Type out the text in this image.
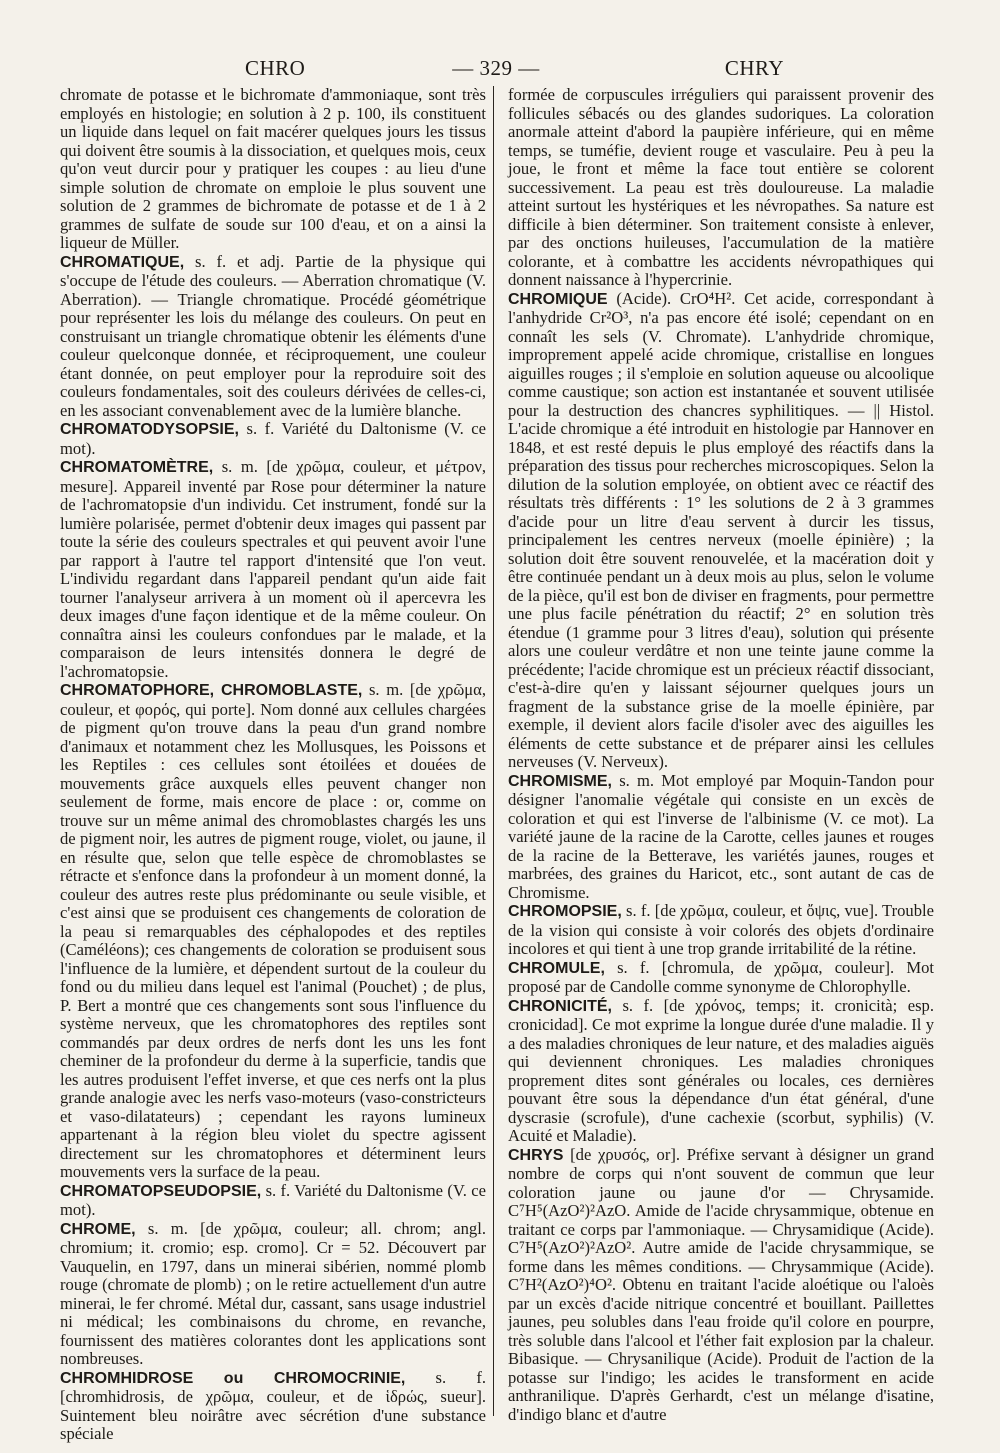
CHRO	— 329 —	CHRY

chromate de potasse et le bichromate d'ammoniaque, sont très employés en histologie; en solution à 2 p. 100, ils constituent un liquide dans lequel on fait macérer quelques jours les tissus qui doivent être soumis à la dissociation, et quelques mois, ceux qu'on veut durcir pour y pratiquer les coupes : au lieu d'une simple solution de chromate on emploie le plus souvent une solution de 2 grammes de bichromate de potasse et de 1 à 2 grammes de sulfate de soude sur 100 d'eau, et on a ainsi la liqueur de Müller.

CHROMATIQUE, s. f. et adj. Partie de la physique qui s'occupe de l'étude des couleurs. — Aberration chromatique (V. Aberration). — Triangle chromatique. Procédé géométrique pour représenter les lois du mélange des couleurs. On peut en construisant un triangle chromatique obtenir les éléments d'une couleur quelconque donnée, et réciproquement, une couleur étant donnée, on peut employer pour la reproduire soit des couleurs fondamentales, soit des couleurs dérivées de celles-ci, en les associant convenablement avec de la lumière blanche.

CHROMATODYSOPSIE, s. f. Variété du Daltonisme (V. ce mot).

CHROMATOMÈTRE, s. m. [de χρῶμα, couleur, et μέτρον, mesure]. Appareil inventé par Rose pour déterminer la nature de l'achromatopsie d'un individu. Cet instrument, fondé sur la lumière polarisée, permet d'obtenir deux images qui passent par toute la série des couleurs spectrales et qui peuvent avoir l'une par rapport à l'autre tel rapport d'intensité que l'on veut. L'individu regardant dans l'appareil pendant qu'un aide fait tourner l'analyseur arrivera à un moment où il apercevra les deux images d'une façon identique et de la même couleur. On connaîtra ainsi les couleurs confondues par le malade, et la comparaison de leurs intensités donnera le degré de l'achromatopsie.

CHROMATOPHORE, CHROMOBLASTE, s. m. [de χρῶμα, couleur, et φορός, qui porte]. Nom donné aux cellules chargées de pigment qu'on trouve dans la peau d'un grand nombre d'animaux et notamment chez les Mollusques, les Poissons et les Reptiles : ces cellules sont étoilées et douées de mouvements grâce auxquels elles peuvent changer non seulement de forme, mais encore de place : or, comme on trouve sur un même animal des chromoblastes chargés les uns de pigment noir, les autres de pigment rouge, violet, ou jaune, il en résulte que, selon que telle espèce de chromoblastes se rétracte et s'enfonce dans la profondeur à un moment donné, la couleur des autres reste plus prédominante ou seule visible, et c'est ainsi que se produisent ces changements de coloration de la peau si remarquables des céphalopodes et des reptiles (Caméléons); ces changements de coloration se produisent sous l'influence de la lumière, et dépendent surtout de la couleur du fond ou du milieu dans lequel est l'animal (Pouchet) ; de plus, P. Bert a montré que ces changements sont sous l'influence du système nerveux, que les chromatophores des reptiles sont commandés par deux ordres de nerfs dont les uns les font cheminer de la profondeur du derme à la superficie, tandis que les autres produisent l'effet inverse, et que ces nerfs ont la plus grande analogie avec les nerfs vaso-moteurs (vaso-constricteurs et vaso-dilatateurs) ; cependant les rayons lumineux appartenant à la région bleu violet du spectre agissent directement sur les chromatophores et déterminent leurs mouvements vers la surface de la peau.

CHROMATOPSEUDOPSIE, s. f. Variété du Daltonisme (V. ce mot).

CHROME, s. m. [de χρῶμα, couleur; all. chrom; angl. chromium; it. cromio; esp. cromo]. Cr = 52. Découvert par Vauquelin, en 1797, dans un minerai sibérien, nommé plomb rouge (chromate de plomb) ; on le retire actuellement d'un autre minerai, le fer chromé. Métal dur, cassant, sans usage industriel ni médical; les combinaisons du chrome, en revanche, fournissent des matières colorantes dont les applications sont nombreuses.

CHROMHIDROSE ou CHROMOCRINIE, s. f. [chromhidrosis, de χρῶμα, couleur, et de ἱδρώς, sueur]. Suintement bleu noirâtre avec sécrétion d'une substance spéciale

formée de corpuscules irréguliers qui paraissent provenir des follicules sébacés ou des glandes sudoriques. La coloration anormale atteint d'abord la paupière inférieure, qui en même temps, se tuméfie, devient rouge et vasculaire. Peu à peu la joue, le front et même la face tout entière se colorent successivement. La peau est très douloureuse. La maladie atteint surtout les hystériques et les névropathes. Sa nature est difficile à bien déterminer. Son traitement consiste à enlever, par des onctions huileuses, l'accumulation de la matière colorante, et à combattre les accidents névropathiques qui donnent naissance à l'hypercrinie.

CHROMIQUE (Acide). CrO⁴H². Cet acide, correspondant à l'anhydride Cr²O³, n'a pas encore été isolé; cependant on en connaît les sels (V. Chromate). L'anhydride chromique, improprement appelé acide chromique, cristallise en longues aiguilles rouges ; il s'emploie en solution aqueuse ou alcoolique comme caustique; son action est instantanée et souvent utilisée pour la destruction des chancres syphilitiques. — || Histol. L'acide chromique a été introduit en histologie par Hannover en 1848, et est resté depuis le plus employé des réactifs dans la préparation des tissus pour recherches microscopiques. Selon la dilution de la solution employée, on obtient avec ce réactif des résultats très différents : 1° les solutions de 2 à 3 grammes d'acide pour un litre d'eau servent à durcir les tissus, principalement les centres nerveux (moelle épinière) ; la solution doit être souvent renouvelée, et la macération doit y être continuée pendant un à deux mois au plus, selon le volume de la pièce, qu'il est bon de diviser en fragments, pour permettre une plus facile pénétration du réactif; 2° en solution très étendue (1 gramme pour 3 litres d'eau), solution qui présente alors une couleur verdâtre et non une teinte jaune comme la précédente; l'acide chromique est un précieux réactif dissociant, c'est-à-dire qu'en y laissant séjourner quelques jours un fragment de la substance grise de la moelle épinière, par exemple, il devient alors facile d'isoler avec des aiguilles les éléments de cette substance et de préparer ainsi les cellules nerveuses (V. Nerveux).

CHROMISME, s. m. Mot employé par Moquin-Tandon pour désigner l'anomalie végétale qui consiste en un excès de coloration et qui est l'inverse de l'albinisme (V. ce mot). La variété jaune de la racine de la Carotte, celles jaunes et rouges de la racine de la Betterave, les variétés jaunes, rouges et marbrées, des graines du Haricot, etc., sont autant de cas de Chromisme.

CHROMOPSIE, s. f. [de χρῶμα, couleur, et ὄψις, vue]. Trouble de la vision qui consiste à voir colorés des objets d'ordinaire incolores et qui tient à une trop grande irritabilité de la rétine.

CHROMULE, s. f. [chromula, de χρῶμα, couleur]. Mot proposé par de Candolle comme synonyme de Chlorophylle.

CHRONICITÉ, s. f. [de χρόνος, temps; it. cronicità; esp. cronicidad]. Ce mot exprime la longue durée d'une maladie. Il y a des maladies chroniques de leur nature, et des maladies aiguës qui deviennent chroniques. Les maladies chroniques proprement dites sont générales ou locales, ces dernières pouvant être sous la dépendance d'un état général, d'une dyscrasie (scrofule), d'une cachexie (scorbut, syphilis) (V. Acuité et Maladie).

CHRYS [de χρυσός, or]. Préfixe servant à désigner un grand nombre de corps qui n'ont souvent de commun que leur coloration jaune ou jaune d'or — Chrysamide. C⁷H⁵(AzO²)²AzO. Amide de l'acide chrysammique, obtenue en traitant ce corps par l'ammoniaque. — Chrysamidique (Acide). C⁷H⁵(AzO²)²AzO². Autre amide de l'acide chrysammique, se forme dans les mêmes conditions. — Chrysammique (Acide). C⁷H²(AzO²)⁴O². Obtenu en traitant l'acide aloétique ou l'aloès par un excès d'acide nitrique concentré et bouillant. Paillettes jaunes, peu solubles dans l'eau froide qu'il colore en pourpre, très soluble dans l'alcool et l'éther fait explosion par la chaleur. Bibasique. — Chrysanilique (Acide). Produit de l'action de la potasse sur l'indigo; les acides le transforment en acide anthranilique. D'après Gerhardt, c'est un mélange d'isatine, d'indigo blanc et d'autre
